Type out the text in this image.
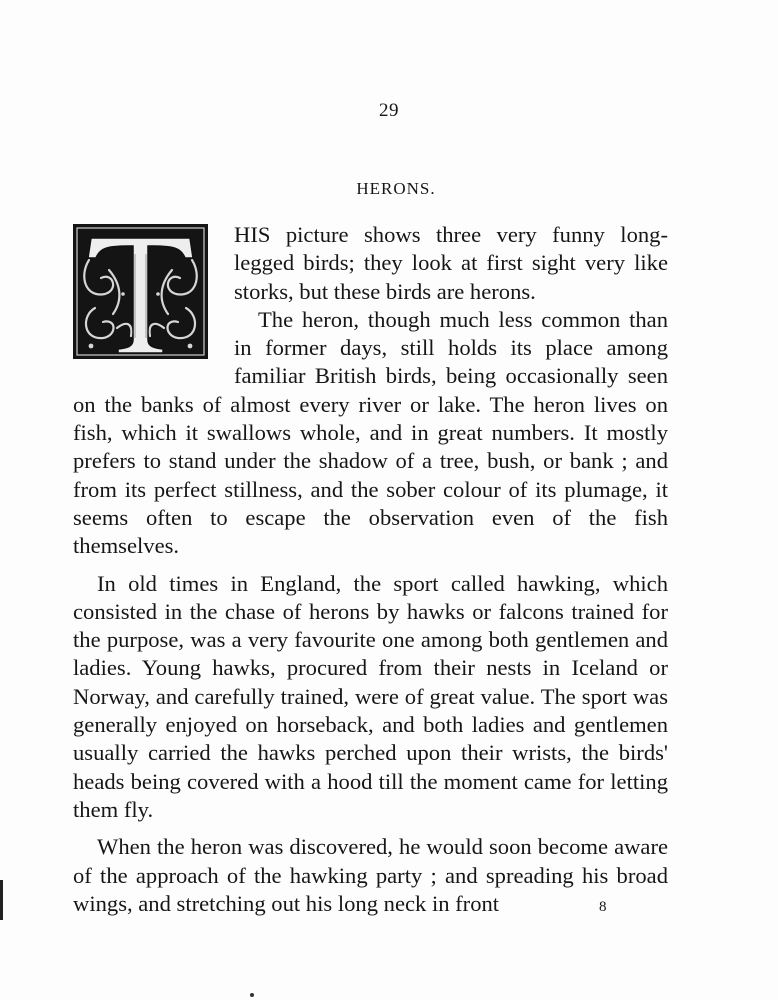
29
HERONS.

HIS picture shows three very funny long-legged birds; they look at first sight very like storks, but these birds are herons.

The heron, though much less common than in former days, still holds its place among familiar British birds, being occasionally seen on the banks of almost every river or lake. The heron lives on fish, which it swallows whole, and in great numbers. It mostly prefers to stand under the shadow of a tree, bush, or bank ; and from its perfect stillness, and the sober colour of its plumage, it seems often to escape the observation even of the fish themselves.

In old times in England, the sport called hawking, which consisted in the chase of herons by hawks or falcons trained for the purpose, was a very favourite one among both gentlemen and ladies. Young hawks, procured from their nests in Iceland or Norway, and carefully trained, were of great value. The sport was generally enjoyed on horseback, and both ladies and gentlemen usually carried the hawks perched upon their wrists, the birds' heads being covered with a hood till the moment came for letting them fly.

When the heron was discovered, he would soon become aware of the approach of the hawking party ; and spreading his broad wings, and stretching out his long neck in front	8
